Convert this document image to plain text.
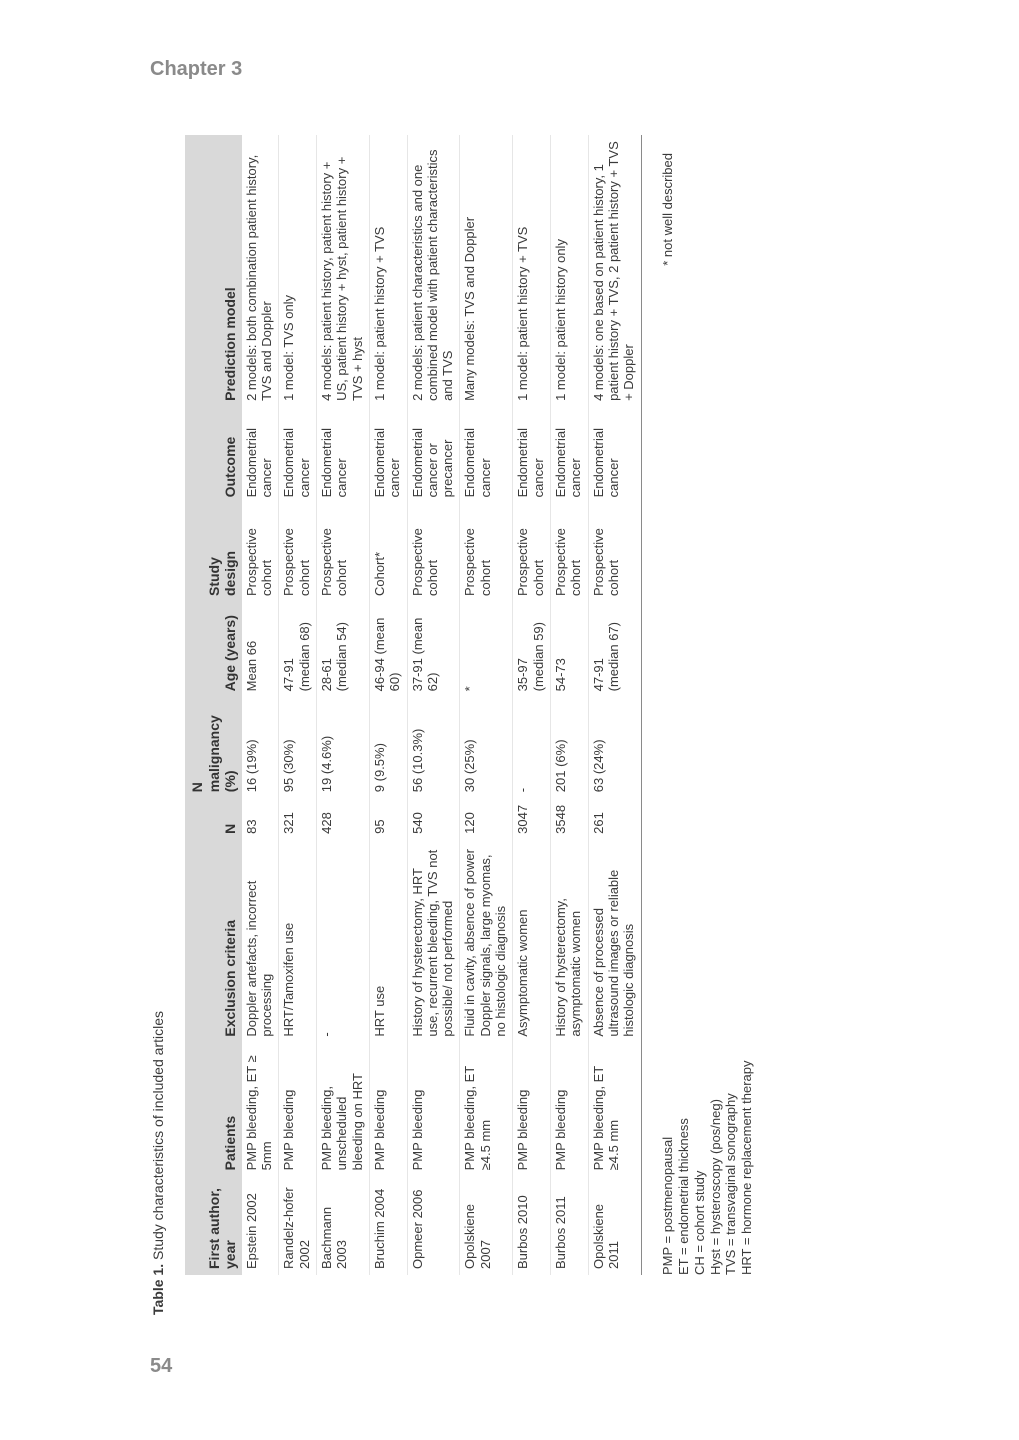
Chapter 3
54
Table 1. Study characteristics of included articles	First author, year	Patients	Exclusion criteria	N	N malignancy (%)	Age (years)	Study design	Outcome	Prediction model
Epstein 2002	PMP bleeding, ET ≥ 5mm	Doppler artefacts, incorrect processing	83	16 (19%)	Mean 66	Prospective cohort	Endometrial cancer	2 models: both combination patient history, TVS and Doppler
Randelz-hofer 2002	PMP bleeding	HRT/Tamoxifen use	321	95 (30%)	47-91 (median 68)	Prospective cohort	Endometrial cancer	1 model: TVS only
Bachmann 2003	PMP bleeding, unscheduled bleeding on HRT	-	428	19 (4.6%)	28-61 (median 54)	Prospective cohort	Endometrial cancer	4 models: patient history, patient history + US, patient history + hyst, patient history + TVS + hyst
Bruchim 2004	PMP bleeding	HRT use	95	9 (9.5%)	46-94 (mean 60)	Cohort*	Endometrial cancer	1 model: patient history + TVS
Opmeer 2006	PMP bleeding	History of hysterectomy, HRT use, recurrent bleeding, TVS not possible/ not performed	540	56 (10.3%)	37-91 (mean 62)	Prospective cohort	Endometrial cancer or precancer	2 models: patient characteristics and one combined model with patient characteristics and TVS
Opolskiene 2007	PMP bleeding, ET ≥4.5 mm	Fluid in cavity, absence of power Doppler signals, large myomas, no histologic diagnosis	120	30 (25%)	*	Prospective cohort	Endometrial cancer	Many models: TVS and Doppler
Burbos 2010	PMP bleeding	Asymptomatic women	3047	-	35-97 (median 59)	Prospective cohort	Endometrial cancer	1 model: patient history + TVS
Burbos 2011	PMP bleeding	History of hysterectomy, asymptomatic women	3548	201 (6%)	54-73	Prospective cohort	Endometrial cancer	1 model: patient history only
Opolskiene 2011	PMP bleeding, ET ≥4.5 mm	Absence of processed ultrasound images or reliable histologic diagnosis	261	63 (24%)	47-91 (median 67)	Prospective cohort	Endometrial cancer	4 models: one based on patient history, 1 patient history + TVS, 2 patient history + TVS + Doppler
PMP = postmenopausal ET = endometrial thickness CH = cohort study Hyst = hysteroscopy (pos/neg) TVS = transvaginal sonography HRT = hormone replacement therapy
* not well described
